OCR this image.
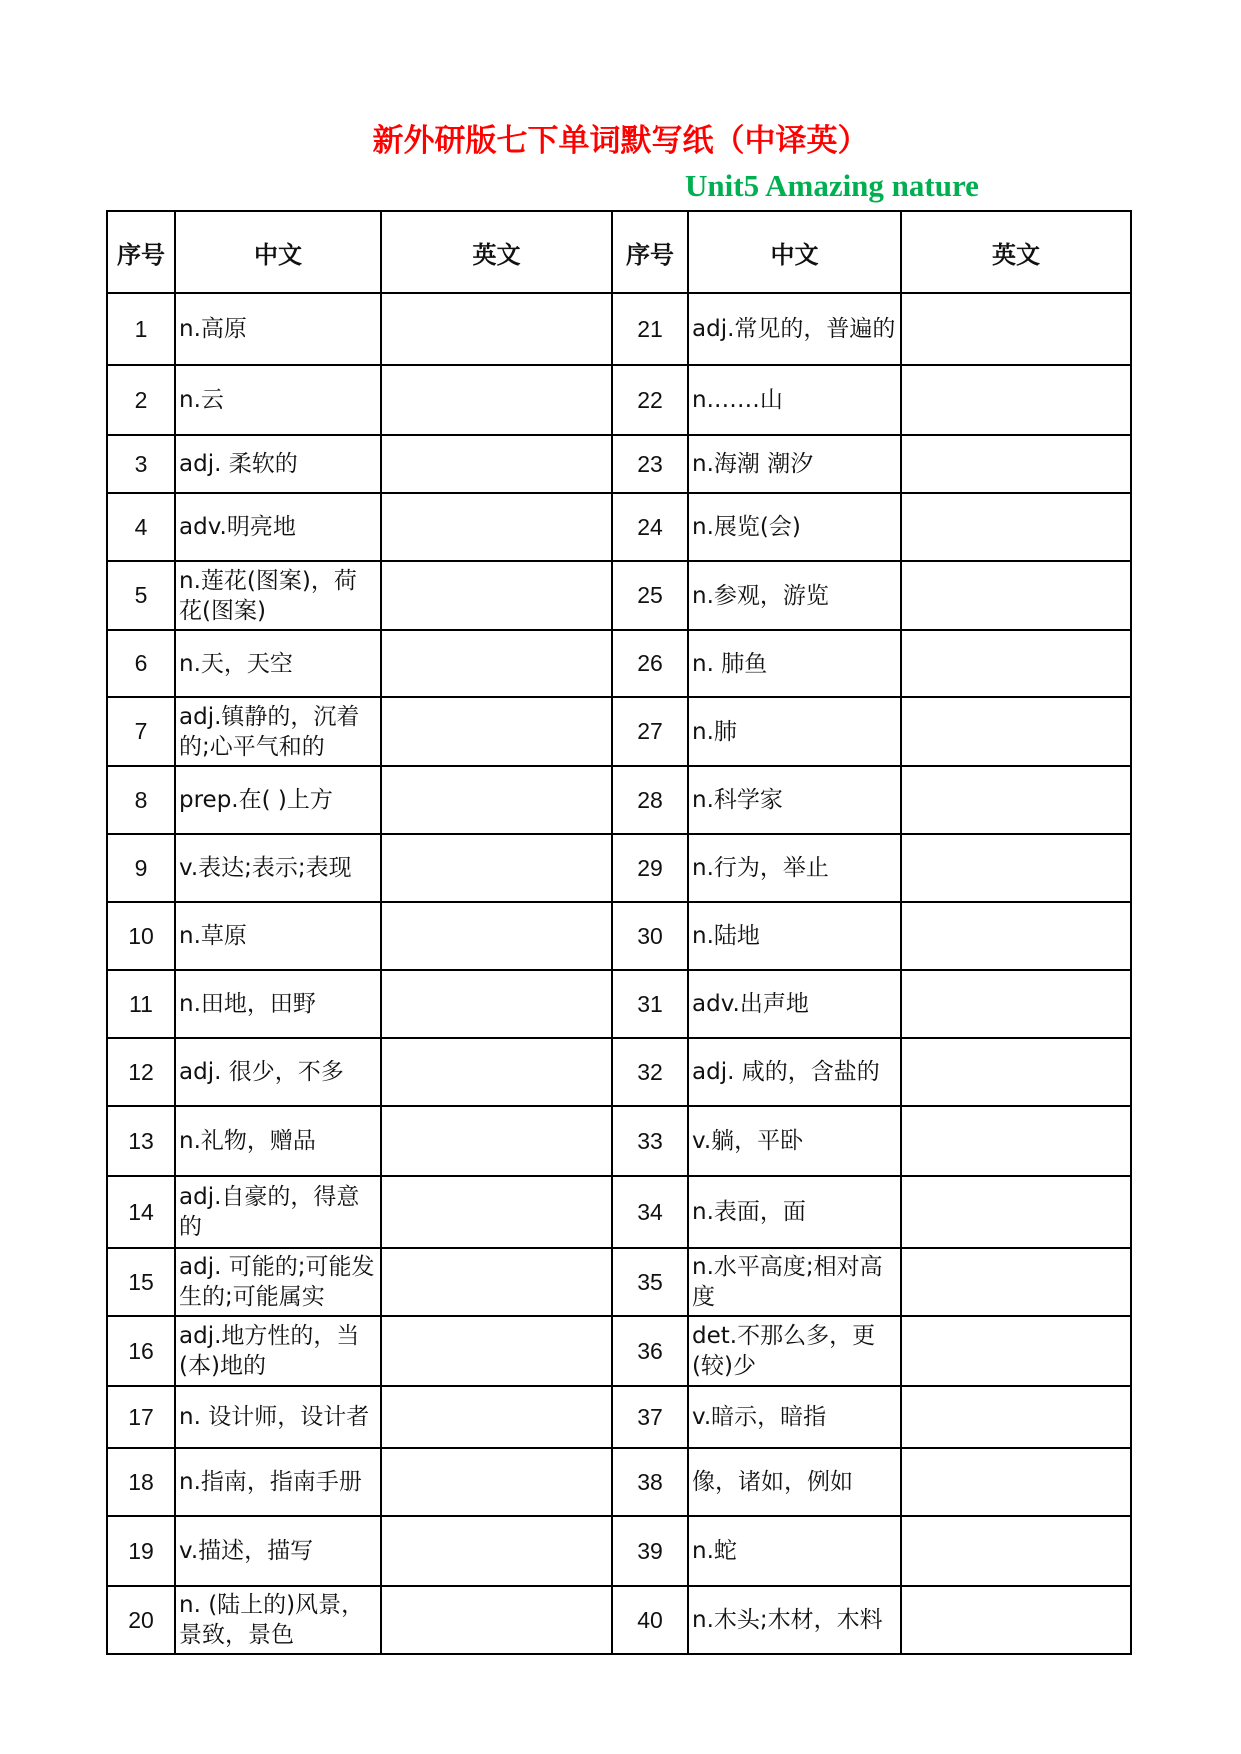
新外研版七下单词默写纸（中译英）
Unit5 Amazing nature
序号	中文	英文	序号	中文	英文
1	n.高原		21	adj.常见的，普遍的	

2	n.云		22	n.……山	

3	adj. 柔软的		23	n.海潮 潮汐	

4	adv.明亮地		24	n.展览(会)	

5	n.莲花(图案)，荷花(图案)		25	n.参观，游览	

6	n.天，天空		26	n. 肺鱼	

7	adj.镇静的，沉着的;心平气和的		27	n.肺	

8	prep.在( )上方		28	n.科学家	

9	v.表达;表示;表现		29	n.行为，举止	

10	n.草原		30	n.陆地	

11	n.田地，田野		31	adv.出声地	

12	adj. 很少，不多		32	adj. 咸的，含盐的	

13	n.礼物，赠品		33	v.躺，平卧	

14	adj.自豪的，得意的		34	n.表面，面	

15	adj. 可能的;可能发生的;可能属实		35	n.水平高度;相对高度	

16	adj.地方性的，当(本)地的		36	det.不那么多，更(较)少	

17	n. 设计师，设计者		37	v.暗示，暗指	

18	n.指南，指南手册		38	像，诸如，例如	

19	v.描述，描写		39	n.蛇	

20	n. (陆上的)风景，景致，景色		40	n.木头;木材，木料	
